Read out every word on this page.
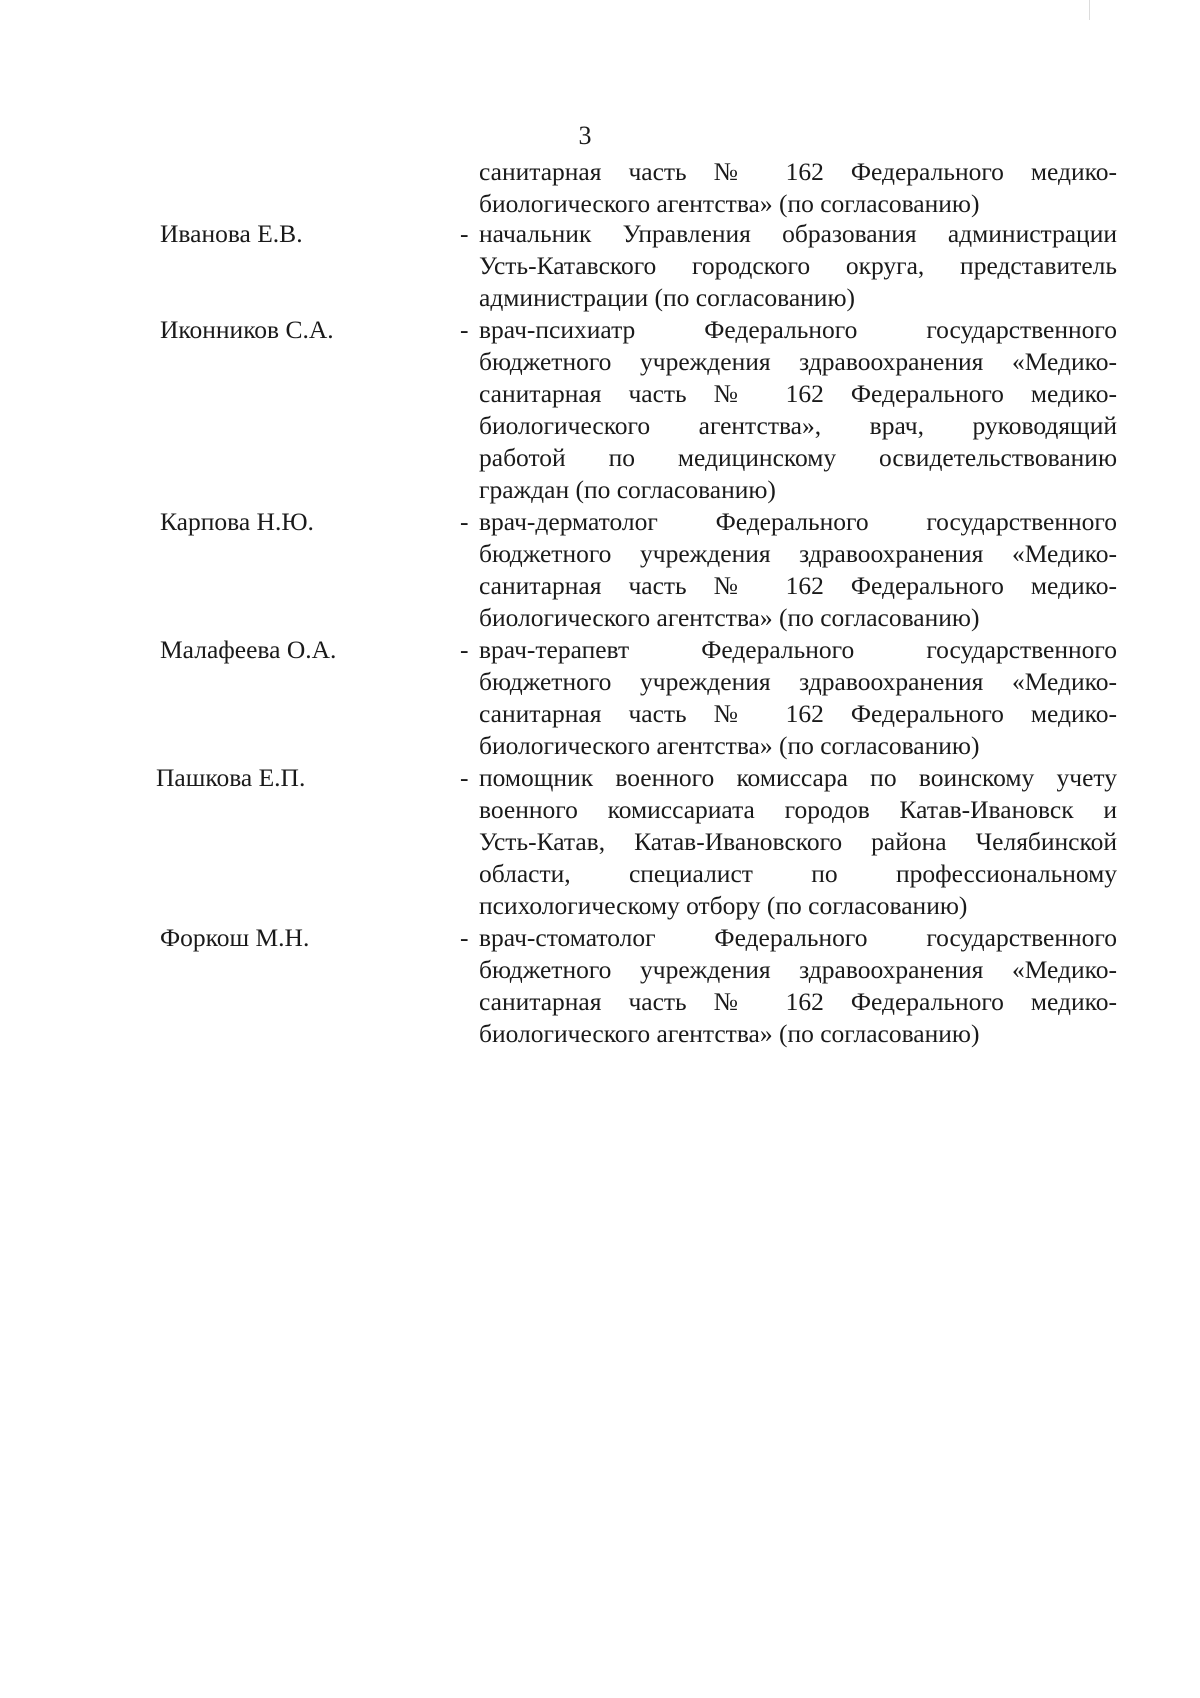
3
санитарная часть № 162 Федерального медико-
биологического агентства» (по согласованию)
Иванова Е.В.	- начальник Управления образования администрации
Усть-Катавского городского округа, представитель
администрации (по согласованию)
Иконников С.А.	- врач-психиатр Федерального государственного
бюджетного учреждения здравоохранения «Медико-
санитарная часть № 162 Федерального медико-
биологического агентства», врач, руководящий
работой по медицинскому освидетельствованию
граждан (по согласованию)
Карпова Н.Ю.	- врач-дерматолог Федерального государственного
бюджетного учреждения здравоохранения «Медико-
санитарная часть № 162 Федерального медико-
биологического агентства» (по согласованию)
Малафеева О.А.	- врач-терапевт Федерального государственного
бюджетного учреждения здравоохранения «Медико-
санитарная часть № 162 Федерального медико-
биологического агентства» (по согласованию)
Пашкова Е.П.	- помощник военного комиссара по воинскому учету
военного комиссариата городов Катав-Ивановск и
Усть-Катав, Катав-Ивановского района Челябинской
области, специалист по профессиональному
психологическому отбору (по согласованию)
Форкош М.Н.	- врач-стоматолог Федерального государственного
бюджетного учреждения здравоохранения «Медико-
санитарная часть № 162 Федерального медико-
биологического агентства» (по согласованию)
